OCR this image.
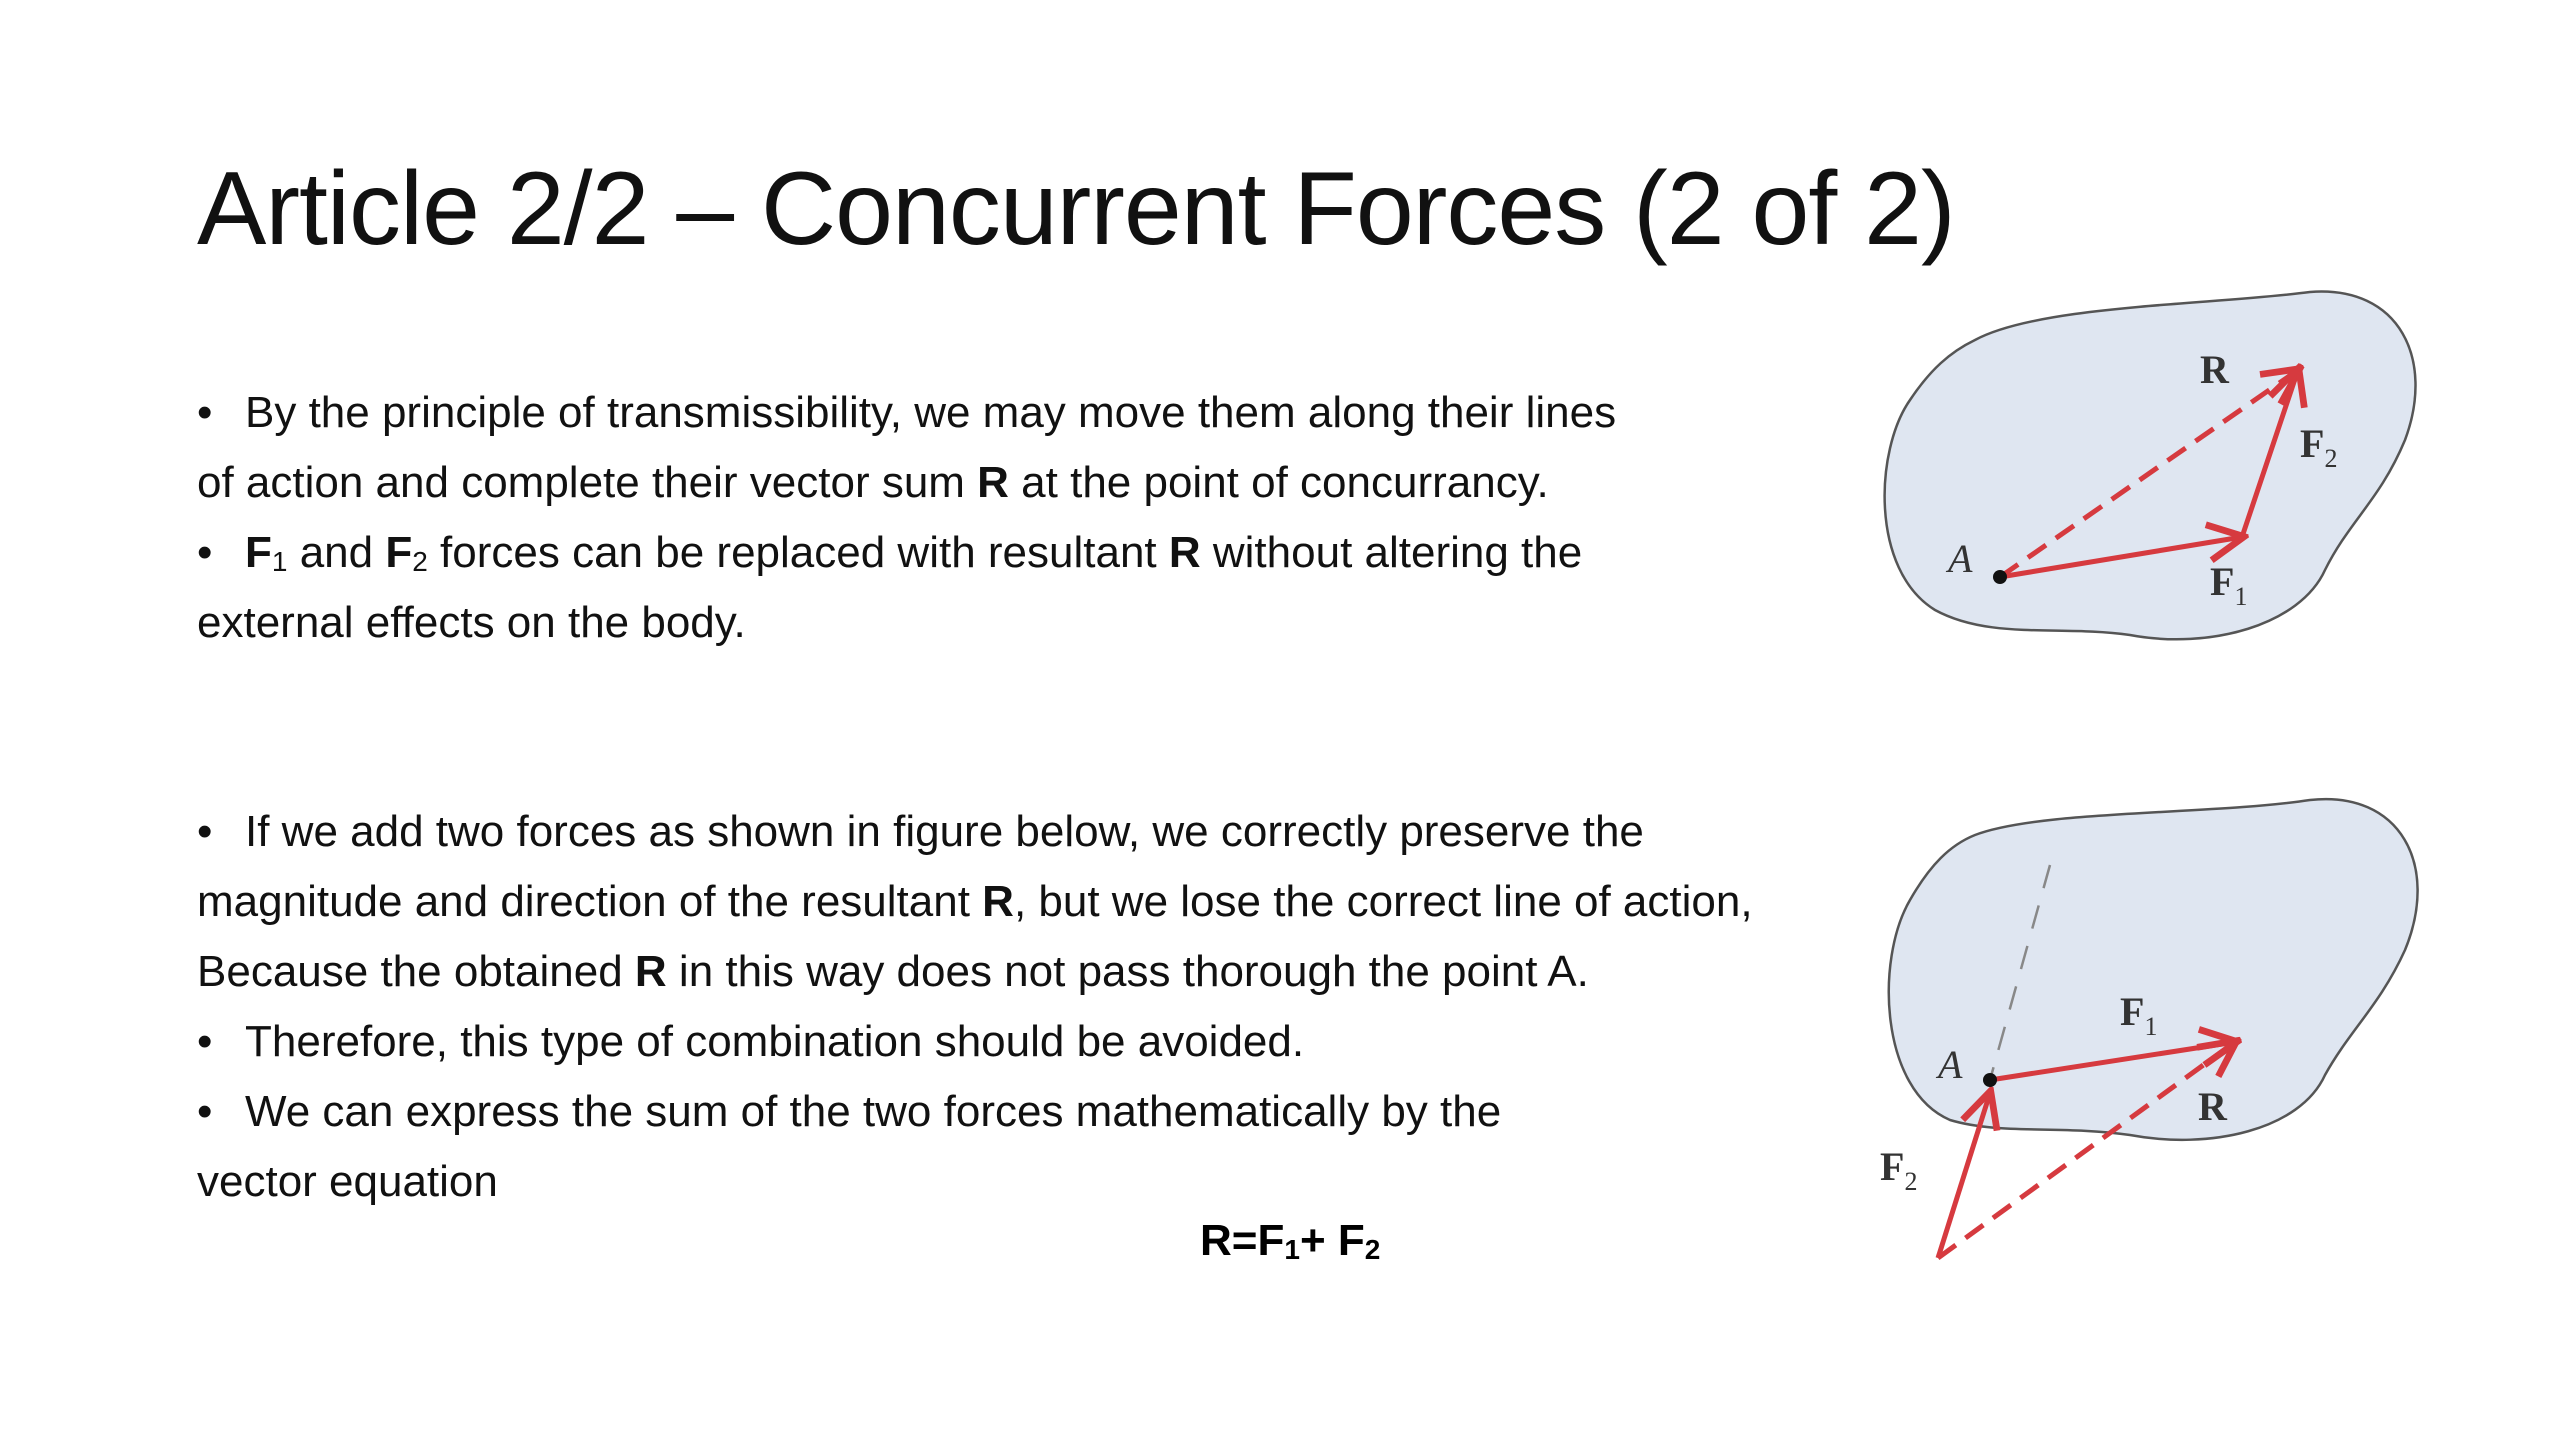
Article 2/2 – Concurrent Forces (2 of 2)

• By the principle of transmissibility, we may move them along their lines

of action and complete their vector sum R at the point of concurrancy.

• $F_1$ and $F_2$ forces can be replaced with resultant R without altering the

external effects on the body.

• If we add two forces as shown in figure below, we correctly preserve the

magnitude and direction of the resultant R, but we lose the correct line of action,

Because the obtained R in this way does not pass thorough the point A.

• Therefore, this type of combination should be avoided.

• We can express the sum of the two forces mathematically by the

vector equation

$R=F_1+ F_2$
R
$F_2$
$F_1$
A
$F_1$
R
$F_2$
A
